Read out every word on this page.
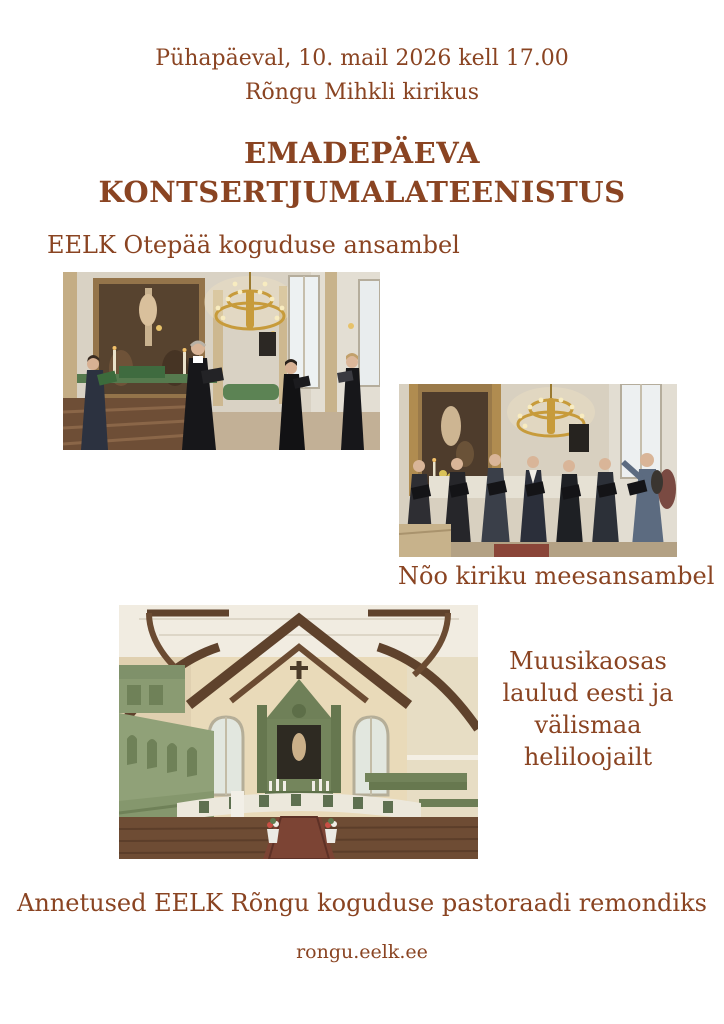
Pühapäeval, 10. mail 2026 kell 17.00
Rõngu Mihkli kirikus
EMADEPÄEVA
KONTSERTJUMALATEENISTUS
EELK Otepää koguduse ansambel
Nõo kiriku meesansambel
Muusikaosas
laulud eesti ja
välismaa
heliloojailt
Annetused EELK Rõngu koguduse pastoraadi remondiks
rongu.eelk.ee
